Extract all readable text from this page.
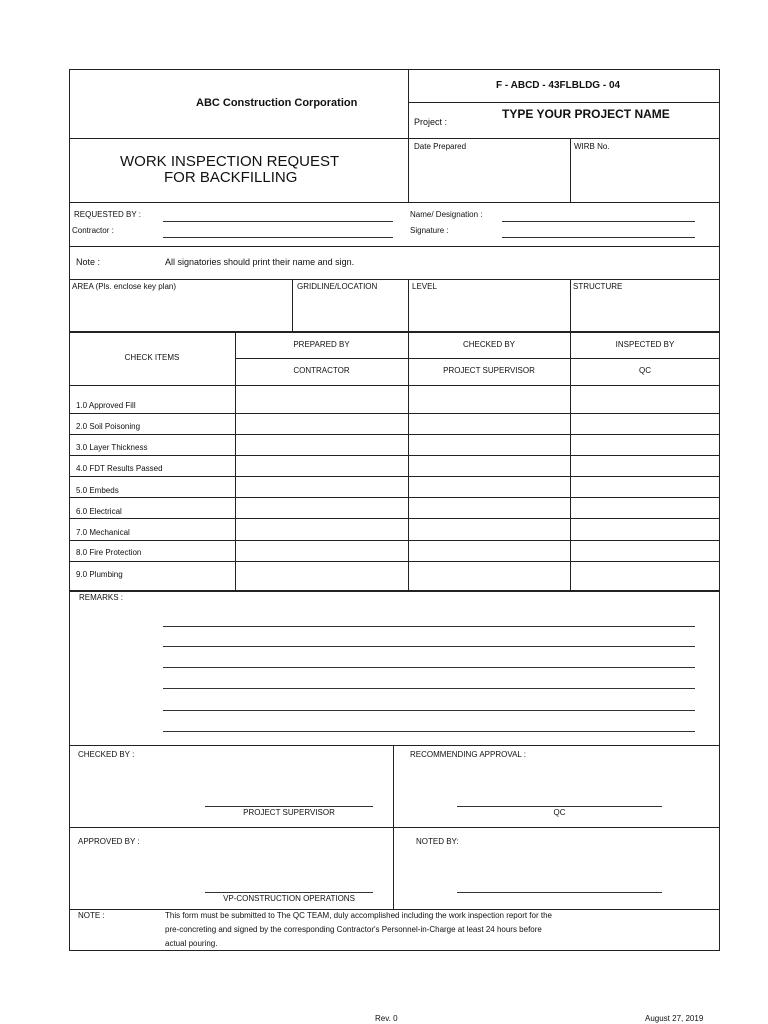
ABC Construction Corporation
F - ABCD - 43FLBLDG - 04
Project :
TYPE YOUR PROJECT NAME
WORK INSPECTION REQUEST
FOR BACKFILLING
Date Prepared	WIRB No.
REQUESTED BY :
Contractor :
Name/ Designation :
Signature :
Note :	All signatories should print their name and sign.
AREA (Pls. enclose key plan)	GRIDLINE/LOCATION	LEVEL	STRUCTURE
CHECK ITEMS
PREPARED BY	CHECKED BY	INSPECTED BY
CONTRACTOR	PROJECT SUPERVISOR	QC
1.0 Approved Fill
2.0 Soil Poisoning
3.0 Layer Thickness
4.0 FDT Results Passed
5.0 Embeds
6.0 Electrical
7.0 Mechanical
8.0 Fire Protection
9.0 Plumbing
REMARKS :
CHECKED BY :
PROJECT SUPERVISOR
RECOMMENDING APPROVAL :
QC
APPROVED BY :
VP-CONSTRUCTION OPERATIONS
NOTED BY:
NOTE :	This form must be submitted to The QC TEAM, duly accomplished including the work inspection report for the
pre-concreting and signed by the corresponding Contractor's Personnel-in-Charge at least 24 hours before
actual pouring.
Rev. 0	August 27, 2019
